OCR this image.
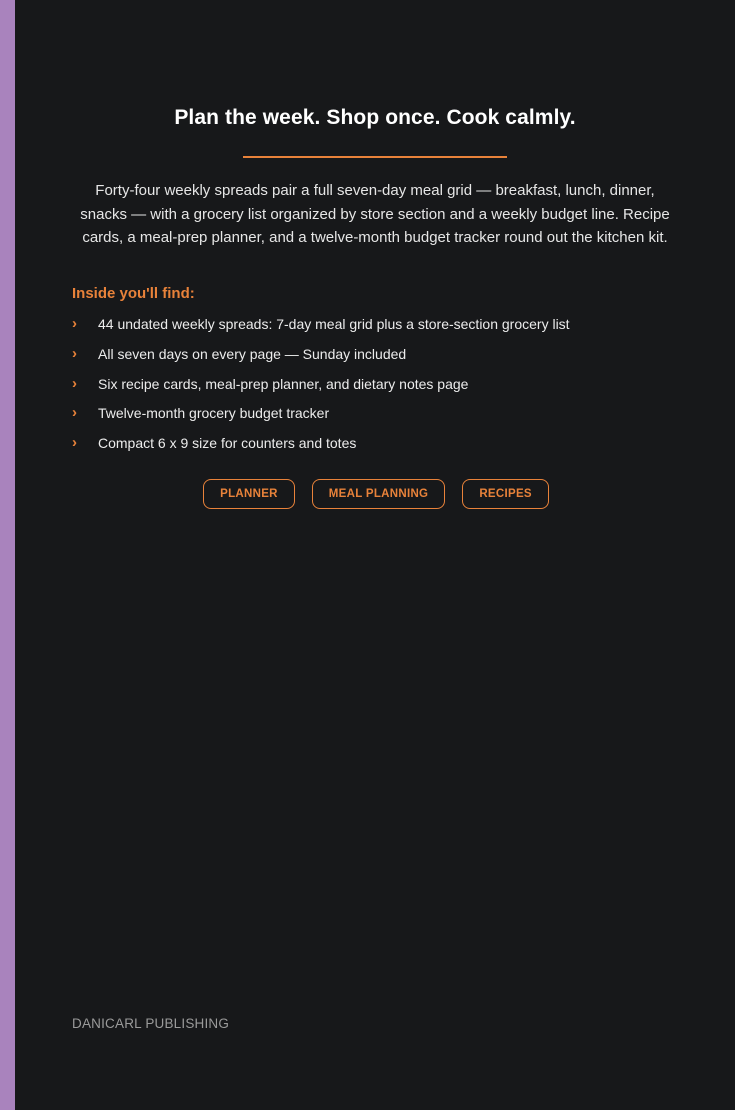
Plan the week. Shop once. Cook calmly.

Forty-four weekly spreads pair a full seven-day meal grid — breakfast, lunch, dinner, snacks — with a grocery list organized by store section and a weekly budget line. Recipe cards, a meal-prep planner, and a twelve-month budget tracker round out the kitchen kit.

Inside you'll find:
› 44 undated weekly spreads: 7-day meal grid plus a store-section grocery list
› All seven days on every page — Sunday included
› Six recipe cards, meal-prep planner, and dietary notes page
› Twelve-month grocery budget tracker
› Compact 6 x 9 size for counters and totes
PLANNER	MEAL PLANNING	RECIPES

DANICARL PUBLISHING
